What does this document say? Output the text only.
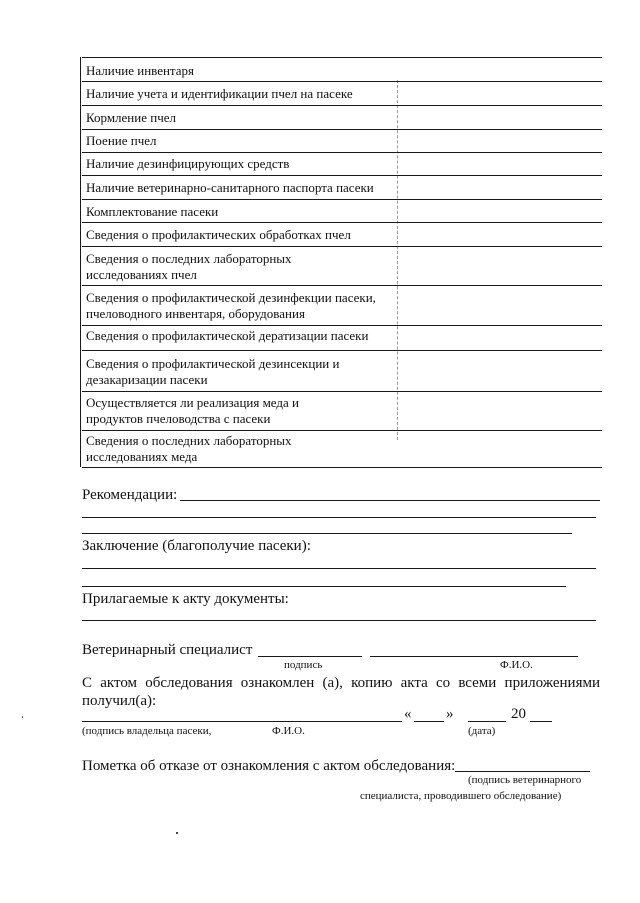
Наличие инвентаря
Наличие учета и идентификации пчел на пасеке
Кормление пчел
Поение пчел
Наличие дезинфицирующих средств
Наличие ветеринарно-санитарного паспорта пасеки
Комплектование пасеки
Сведения о профилактических обработках пчел
Сведения о последних лабораторных исследованиях пчел
Сведения о профилактической дезинфекции пасеки, пчеловодного инвентаря, оборудования
Сведения о профилактической дератизации пасеки
Сведения о профилактической дезинсекции и дезакаризации пасеки
Осуществляется ли реализация меда и продуктов пчеловодства с пасеки
Сведения о последних лабораторных исследованиях меда
Рекомендации:
Заключение (благополучие пасеки):
Прилагаемые к акту документы:
Ветеринарный специалист
подпись	Ф.И.О.
С актом обследования ознакомлен (а), копию акта со всеми приложениями получил(а):
« »	20
(подпись владельца пасеки,	Ф.И.О.	(дата)
Пометка об отказе от ознакомления с актом обследования:
(подпись ветеринарного
специалиста, проводившего обследование)
